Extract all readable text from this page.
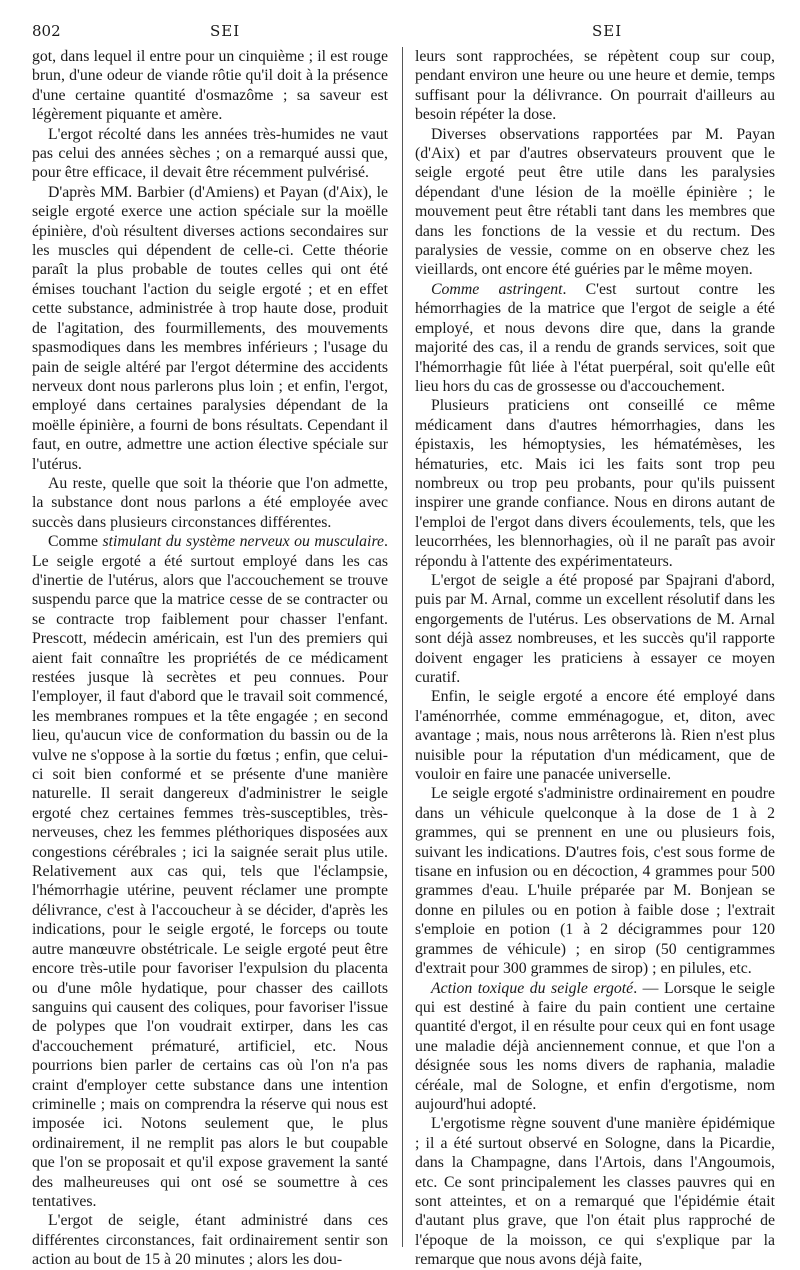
802	SEI	SEI

got, dans lequel il entre pour un cinquième ; il est rouge brun, d'une odeur de viande rôtie qu'il doit à la présence d'une certaine quantité d'osmazôme ; sa saveur est légèrement piquante et amère.

L'ergot récolté dans les années très-humides ne vaut pas celui des années sèches ; on a remarqué aussi que, pour être efficace, il devait être récemment pulvérisé.

D'après MM. Barbier (d'Amiens) et Payan (d'Aix), le seigle ergoté exerce une action spéciale sur la moëlle épinière, d'où résultent diverses actions secondaires sur les muscles qui dépendent de celle-ci. Cette théorie paraît la plus probable de toutes celles qui ont été émises touchant l'action du seigle ergoté ; et en effet cette substance, administrée à trop haute dose, produit de l'agitation, des fourmillements, des mouvements spasmodiques dans les membres inférieurs ; l'usage du pain de seigle altéré par l'ergot détermine des accidents nerveux dont nous parlerons plus loin ; et enfin, l'ergot, employé dans certaines paralysies dépendant de la moëlle épinière, a fourni de bons résultats. Cependant il faut, en outre, admettre une action élective spéciale sur l'utérus.

Au reste, quelle que soit la théorie que l'on admette, la substance dont nous parlons a été employée avec succès dans plusieurs circonstances différentes.

Comme stimulant du système nerveux ou musculaire. Le seigle ergoté a été surtout employé dans les cas d'inertie de l'utérus, alors que l'accouchement se trouve suspendu parce que la matrice cesse de se contracter ou se contracte trop faiblement pour chasser l'enfant. Prescott, médecin américain, est l'un des premiers qui aient fait connaître les propriétés de ce médicament restées jusque là secrètes et peu connues. Pour l'employer, il faut d'abord que le travail soit commencé, les membranes rompues et la tête engagée ; en second lieu, qu'aucun vice de conformation du bassin ou de la vulve ne s'oppose à la sortie du fœtus ; enfin, que celui-ci soit bien conformé et se présente d'une manière naturelle. Il serait dangereux d'administrer le seigle ergoté chez certaines femmes très-susceptibles, très-nerveuses, chez les femmes pléthoriques disposées aux congestions cérébrales ; ici la saignée serait plus utile. Relativement aux cas qui, tels que l'éclampsie, l'hémorrhagie utérine, peuvent réclamer une prompte délivrance, c'est à l'accoucheur à se décider, d'après les indications, pour le seigle ergoté, le forceps ou toute autre manœuvre obstétricale. Le seigle ergoté peut être encore très-utile pour favoriser l'expulsion du placenta ou d'une môle hydatique, pour chasser des caillots sanguins qui causent des coliques, pour favoriser l'issue de polypes que l'on voudrait extirper, dans les cas d'accouchement prématuré, artificiel, etc. Nous pourrions bien parler de certains cas où l'on n'a pas craint d'employer cette substance dans une intention criminelle ; mais on comprendra la réserve qui nous est imposée ici. Notons seulement que, le plus ordinairement, il ne remplit pas alors le but coupable que l'on se proposait et qu'il expose gravement la santé des malheureuses qui ont osé se soumettre à ces tentatives.

L'ergot de seigle, étant administré dans ces différentes circonstances, fait ordinairement sentir son action au bout de 15 à 20 minutes ; alors les dou-

leurs sont rapprochées, se répètent coup sur coup, pendant environ une heure ou une heure et demie, temps suffisant pour la délivrance. On pourrait d'ailleurs au besoin répéter la dose.

Diverses observations rapportées par M. Payan (d'Aix) et par d'autres observateurs prouvent que le seigle ergoté peut être utile dans les paralysies dépendant d'une lésion de la moëlle épinière ; le mouvement peut être rétabli tant dans les membres que dans les fonctions de la vessie et du rectum. Des paralysies de vessie, comme on en observe chez les vieillards, ont encore été guéries par le même moyen.

Comme astringent. C'est surtout contre les hémorrhagies de la matrice que l'ergot de seigle a été employé, et nous devons dire que, dans la grande majorité des cas, il a rendu de grands services, soit que l'hémorrhagie fût liée à l'état puerpéral, soit qu'elle eût lieu hors du cas de grossesse ou d'accouchement.

Plusieurs praticiens ont conseillé ce même médicament dans d'autres hémorrhagies, dans les épistaxis, les hémoptysies, les hématémèses, les hématuries, etc. Mais ici les faits sont trop peu nombreux ou trop peu probants, pour qu'ils puissent inspirer une grande confiance. Nous en dirons autant de l'emploi de l'ergot dans divers écoulements, tels, que les leucorrhées, les blennorhagies, où il ne paraît pas avoir répondu à l'attente des expérimentateurs.

L'ergot de seigle a été proposé par Spajrani d'abord, puis par M. Arnal, comme un excellent résolutif dans les engorgements de l'utérus. Les observations de M. Arnal sont déjà assez nombreuses, et les succès qu'il rapporte doivent engager les praticiens à essayer ce moyen curatif.

Enfin, le seigle ergoté a encore été employé dans l'aménorrhée, comme emménagogue, et, diton, avec avantage ; mais, nous nous arrêterons là. Rien n'est plus nuisible pour la réputation d'un médicament, que de vouloir en faire une panacée universelle.

Le seigle ergoté s'administre ordinairement en poudre dans un véhicule quelconque à la dose de 1 à 2 grammes, qui se prennent en une ou plusieurs fois, suivant les indications. D'autres fois, c'est sous forme de tisane en infusion ou en décoction, 4 grammes pour 500 grammes d'eau. L'huile préparée par M. Bonjean se donne en pilules ou en potion à faible dose ; l'extrait s'emploie en potion (1 à 2 décigrammes pour 120 grammes de véhicule) ; en sirop (50 centigrammes d'extrait pour 300 grammes de sirop) ; en pilules, etc.

Action toxique du seigle ergoté. — Lorsque le seigle qui est destiné à faire du pain contient une certaine quantité d'ergot, il en résulte pour ceux qui en font usage une maladie déjà anciennement connue, et que l'on a désignée sous les noms divers de raphania, maladie céréale, mal de Sologne, et enfin d'ergotisme, nom aujourd'hui adopté.

L'ergotisme règne souvent d'une manière épidémique ; il a été surtout observé en Sologne, dans la Picardie, dans la Champagne, dans l'Artois, dans l'Angoumois, etc. Ce sont principalement les classes pauvres qui en sont atteintes, et on a remarqué que l'épidémie était d'autant plus grave, que l'on était plus rapproché de l'époque de la moisson, ce qui s'explique par la remarque que nous avons déjà faite,
